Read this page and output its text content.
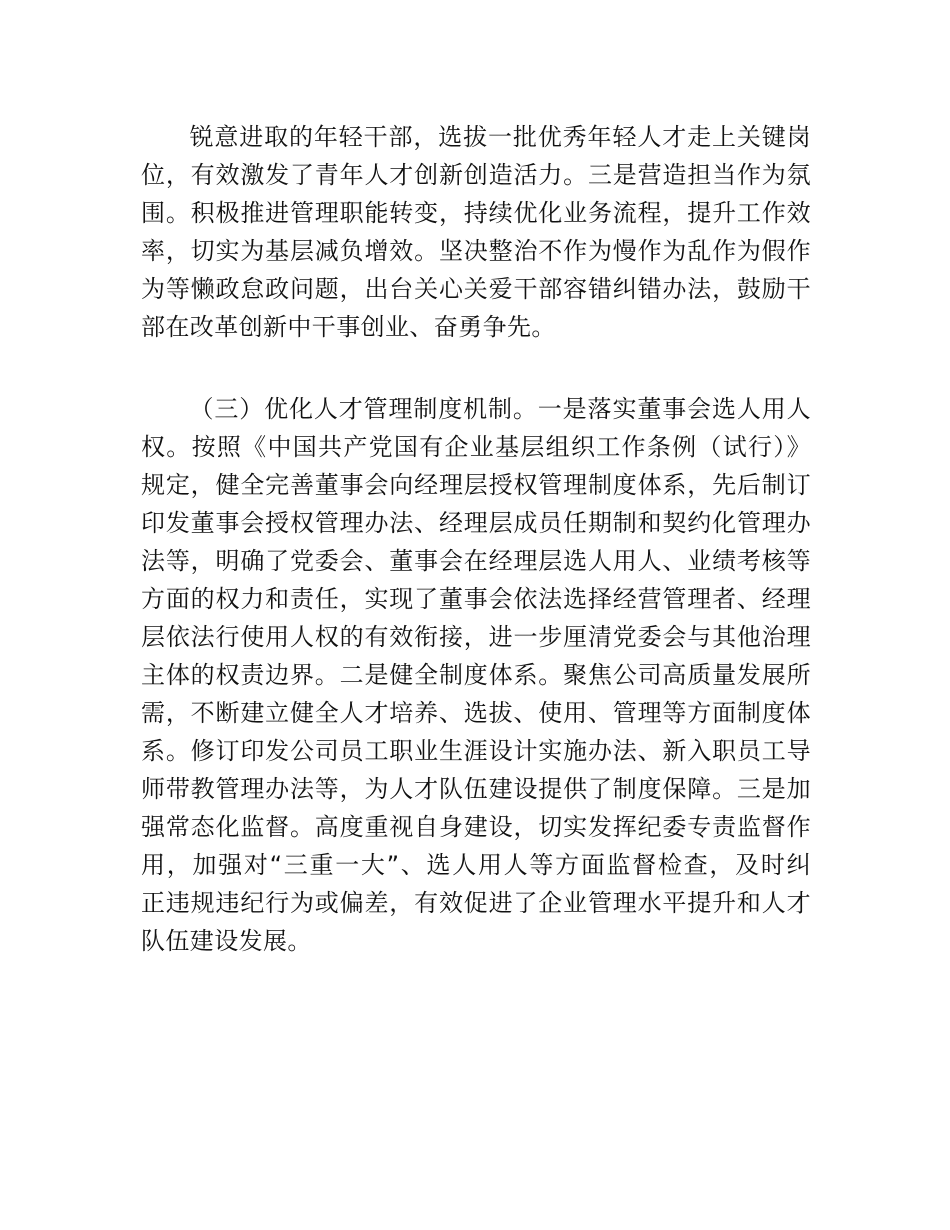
锐意进取的年轻干部，选拔一批优秀年轻人才走上关键岗
位，有效激发了青年人才创新创造活力。三是营造担当作为氛
围。积极推进管理职能转变，持续优化业务流程，提升工作效
率，切实为基层减负增效。坚决整治不作为慢作为乱作为假作
为等懒政怠政问题，出台关心关爱干部容错纠错办法，鼓励干
部在改革创新中干事创业、奋勇争先。
（三）优化人才管理制度机制。一是落实董事会选人用人
权。按照《中国共产党国有企业基层组织工作条例（试行）》
规定，健全完善董事会向经理层授权管理制度体系，先后制订
印发董事会授权管理办法、经理层成员任期制和契约化管理办
法等，明确了党委会、董事会在经理层选人用人、业绩考核等
方面的权力和责任，实现了董事会依法选择经营管理者、经理
层依法行使用人权的有效衔接，进一步厘清党委会与其他治理
主体的权责边界。二是健全制度体系。聚焦公司高质量发展所
需，不断建立健全人才培养、选拔、使用、管理等方面制度体
系。修订印发公司员工职业生涯设计实施办法、新入职员工导
师带教管理办法等，为人才队伍建设提供了制度保障。三是加
强常态化监督。高度重视自身建设，切实发挥纪委专责监督作
用，加强对“三重一大”、选人用人等方面监督检查，及时纠
正违规违纪行为或偏差，有效促进了企业管理水平提升和人才
队伍建设发展。
